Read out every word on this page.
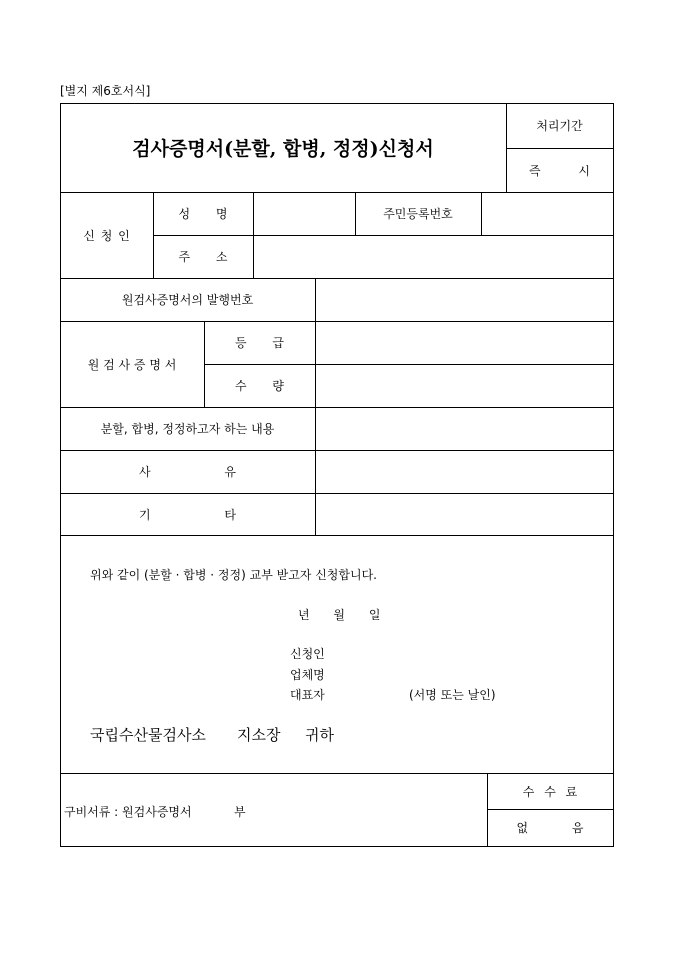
[별지 제6호서식]
검사증명서(분할, 합병, 정정)신청서
처리기간
즉 시
신 청 인
성 명	주민등록번호
주 소
원검사증명서의 발행번호
원 검 사 증 명 서
등 급
수 량
분할, 합병, 정정하고자 하는 내용
사 유
기 타
위와 같이 (분할 · 합병 · 정정) 교부 받고자 신청합니다.
년 월 일
신청인
업체명
대표자	(서명 또는 날인)
국립수산물검사소 지소장 귀하
구비서류 : 원검사증명서	부
수 수 료
없 음
